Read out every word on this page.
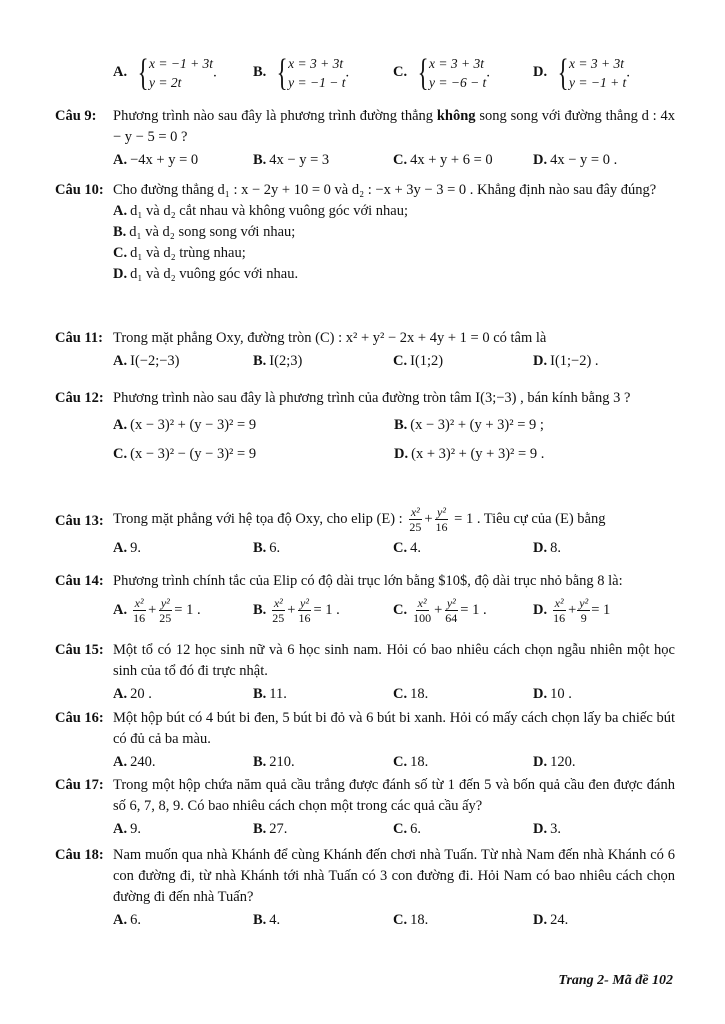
A. { x = −1 + 3t
y = 2t
.	B. { x = 3 + 3t
y = −1 − t
.	C. { x = 3 + 3t
y = −6 − t
.	D. { x = 3 + 3t
y = −1 + t
.
Câu 9: Phương trình nào sau đây là phương trình đường thẳng không song song với đường thẳng d : 4x − y − 5 = 0 ?
A. −4x + y = 0	B. 4x − y = 3	C. 4x + y + 6 = 0	D. 4x − y = 0 .
Câu 10: Cho đường thẳng d₁ : x − 2y + 10 = 0 và d₂ : −x + 3y − 3 = 0 . Khẳng định nào sau đây đúng?
A. d₁ và d₂ cắt nhau và không vuông góc với nhau;
B. d₁ và d₂ song song với nhau;
C. d₁ và d₂ trùng nhau;
D. d₁ và d₂ vuông góc với nhau.
Câu 11: Trong mặt phẳng Oxy, đường tròn (C) : x² + y² − 2x + 4y + 1 = 0 có tâm là
A. I(−2;−3)	B. I(2;3)	C. I(1;2)	D. I(1;−2) .
Câu 12: Phương trình nào sau đây là phương trình của đường tròn tâm I(3;−3) , bán kính bằng 3 ?
A. (x − 3)² + (y − 3)² = 9	B. (x − 3)² + (y + 3)² = 9 ;
C. (x − 3)² − (y − 3)² = 9	D. (x + 3)² + (y + 3)² = 9 .
Câu 13: Trong mặt phẳng với hệ tọa độ Oxy, cho elip (E) : $\frac{\text{x²}}{25} + \frac{\text{y²}}{16} = 1$ . Tiêu cự của (E) bằng
A. 9.	B. 6.	C. 4.	D. 8.
Câu 14: Phương trình chính tắc của Elip có độ dài trục lớn bằng $10$, độ dài trục nhỏ bằng 8 là:
A. $\frac{\text{x²}}{16} + \frac{\text{y²}}{25} = 1$ .	B. $\frac{\text{x²}}{25} + \frac{\text{y²}}{16} = 1$ .	C. $\frac{\text{x²}}{100} + \frac{\text{y²}}{64} = 1$ .	D. $\frac{\text{x²}}{16} + \frac{\text{y²}}{9} = 1$
Câu 15: Một tổ có 12 học sinh nữ và 6 học sinh nam. Hỏi có bao nhiêu cách chọn ngẫu nhiên một học sinh của tổ đó đi trực nhật.
A. 20 .	B. 11.	C. 18.	D. 10 .
Câu 16: Một hộp bút có 4 bút bi đen, 5 bút bi đỏ và 6 bút bi xanh. Hỏi có mấy cách chọn lấy ba chiếc bút có đủ cả ba màu.
A. 240.	B. 210.	C. 18.	D. 120.
Câu 17: Trong một hộp chứa năm quả cầu trắng được đánh số từ 1 đến 5 và bốn quả cầu đen được đánh số 6, 7, 8, 9. Có bao nhiêu cách chọn một trong các quả cầu ấy?
A. 9.	B. 27.	C. 6.	D. 3.
Câu 18: Nam muốn qua nhà Khánh để cùng Khánh đến chơi nhà Tuấn. Từ nhà Nam đến nhà Khánh có 6 con đường đi, từ nhà Khánh tới nhà Tuấn có 3 con đường đi. Hỏi Nam có bao nhiêu cách chọn đường đi đến nhà Tuấn?
A. 6.	B. 4.	C. 18.	D. 24.
Trang 2- Mã đề 102
